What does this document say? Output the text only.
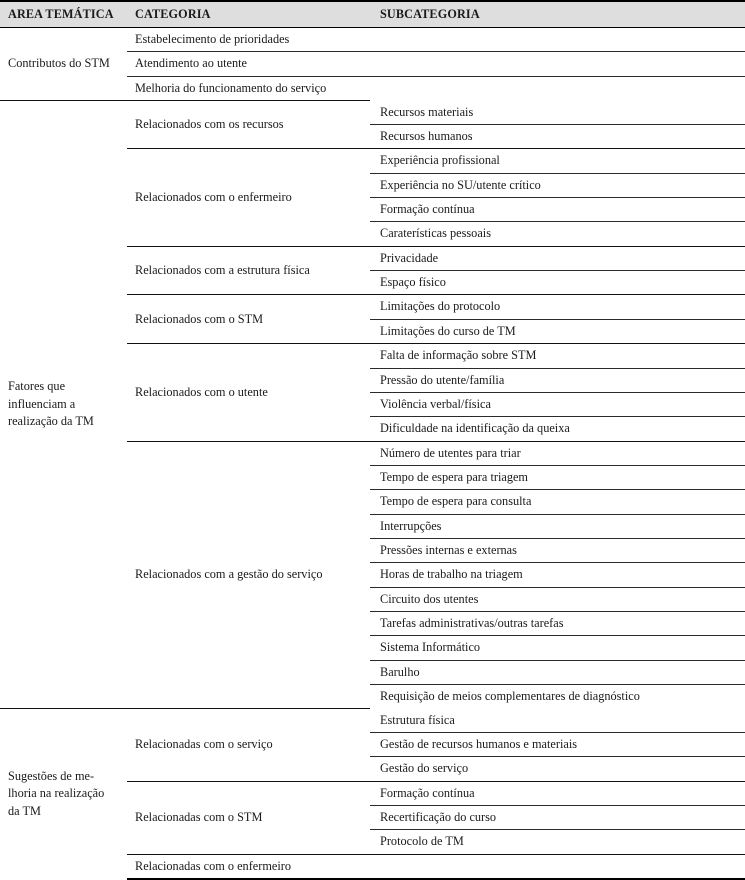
AREA TEMÁTICA	CATEGORIA	SUBCATEGORIA

Contributos do STM	Estabelecimento de prioridades	
	Atendimento ao utente	
	Melhoria do funcionamento do serviço	

Fatores que
influenciam a
realização da TM	Relacionados com os recursos	Recursos materiais
		Recursos humanos
	Relacionados com o enfermeiro	Experiência profissional
		Experiência no SU/utente crítico
		Formação contínua
		Caraterísticas pessoais
	Relacionados com a estrutura física	Privacidade
		Espaço físico
	Relacionados com o STM	Limitações do protocolo
		Limitações do curso de TM
	Relacionados com o utente	Falta de informação sobre STM
		Pressão do utente/família
		Violência verbal/física
		Dificuldade na identificação da queixa
	Relacionados com a gestão do serviço	Número de utentes para triar
		Tempo de espera para triagem
		Tempo de espera para consulta
		Interrupções
		Pressões internas e externas
		Horas de trabalho na triagem
		Circuito dos utentes
		Tarefas administrativas/outras tarefas
		Sistema Informático
		Barulho
		Requisição de meios complementares de diagnóstico

Sugestões de me-
lhoria na realização
da TM	Relacionadas com o serviço	Estrutura física
		Gestão de recursos humanos e materiais
		Gestão do serviço
	Relacionadas com o STM	Formação contínua
		Recertificação do curso
		Protocolo de TM
	Relacionadas com o enfermeiro	
